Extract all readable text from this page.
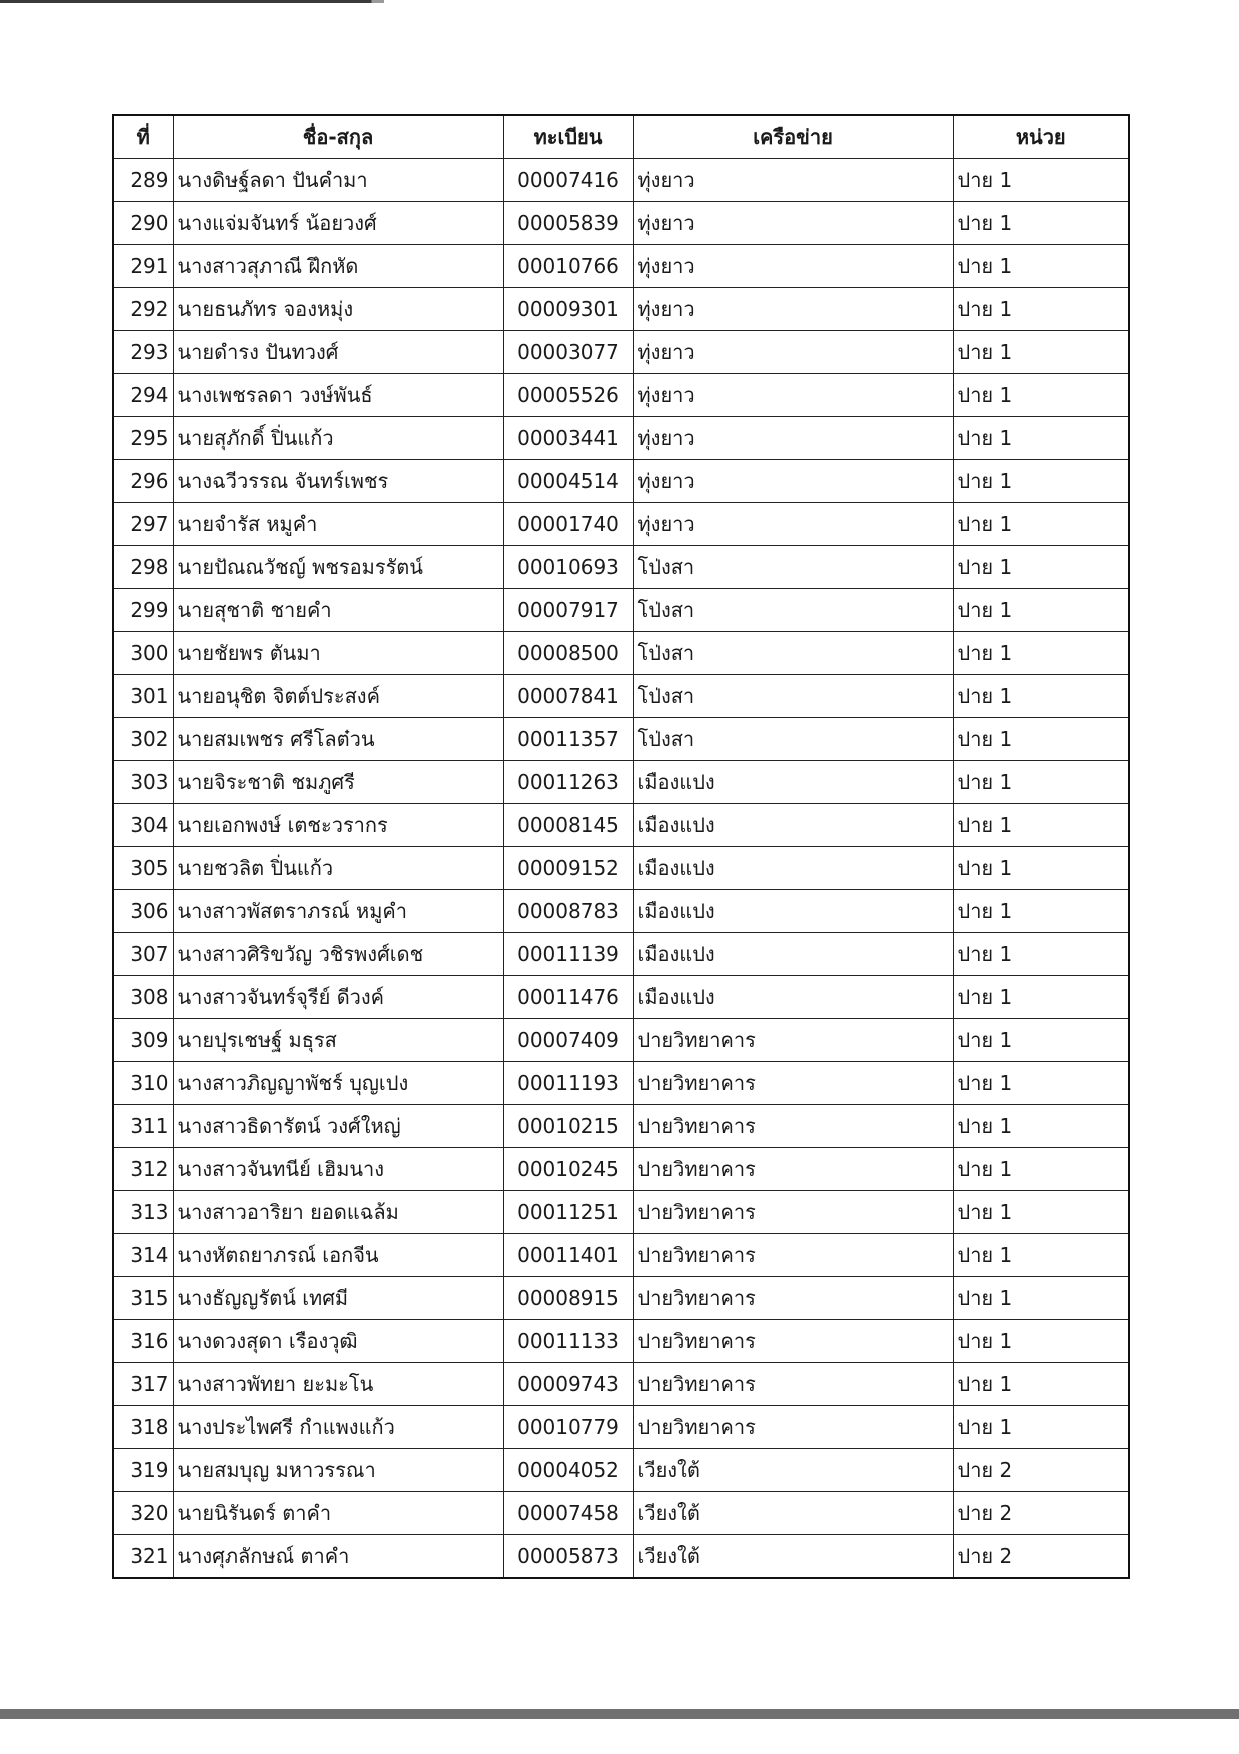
ที่	ชื่อ-สกุล	ทะเบียน	เครือข่าย	หน่วย
289	นางดิษฐ์ลดา ปันคำมา	00007416	ทุ่งยาว	ปาย 1
290	นางแจ่มจันทร์ น้อยวงศ์	00005839	ทุ่งยาว	ปาย 1
291	นางสาวสุภาณี ฝึกหัด	00010766	ทุ่งยาว	ปาย 1
292	นายธนภัทร จองหมุ่ง	00009301	ทุ่งยาว	ปาย 1
293	นายดำรง ปันทวงศ์	00003077	ทุ่งยาว	ปาย 1
294	นางเพชรลดา วงษ์พันธ์	00005526	ทุ่งยาว	ปาย 1
295	นายสุภักดิ์ ปิ่นแก้ว	00003441	ทุ่งยาว	ปาย 1
296	นางฉวีวรรณ จันทร์เพชร	00004514	ทุ่งยาว	ปาย 1
297	นายจำรัส หมูคำ	00001740	ทุ่งยาว	ปาย 1
298	นายปัณณวัชญ์ พชรอมรรัตน์	00010693	โป่งสา	ปาย 1
299	นายสุชาติ ชายคำ	00007917	โป่งสา	ปาย 1
300	นายชัยพร ตันมา	00008500	โป่งสา	ปาย 1
301	นายอนุชิต จิตต์ประสงค์	00007841	โป่งสา	ปาย 1
302	นายสมเพชร ศรีโลต๋วน	00011357	โป่งสา	ปาย 1
303	นายจิระชาติ ชมภูศรี	00011263	เมืองแปง	ปาย 1
304	นายเอกพงษ์ เตชะวรากร	00008145	เมืองแปง	ปาย 1
305	นายชวลิต ปิ่นแก้ว	00009152	เมืองแปง	ปาย 1
306	นางสาวพัสตราภรณ์ หมูคำ	00008783	เมืองแปง	ปาย 1
307	นางสาวศิริขวัญ วชิรพงศ์เดช	00011139	เมืองแปง	ปาย 1
308	นางสาวจันทร์จุรีย์ ดีวงค์	00011476	เมืองแปง	ปาย 1
309	นายปุรเชษฐ์ มธุรส	00007409	ปายวิทยาคาร	ปาย 1
310	นางสาวภิญญาพัชร์ บุญเปง	00011193	ปายวิทยาคาร	ปาย 1
311	นางสาวธิดารัตน์ วงศ์ใหญ่	00010215	ปายวิทยาคาร	ปาย 1
312	นางสาวจันทนีย์ เฮิมนาง	00010245	ปายวิทยาคาร	ปาย 1
313	นางสาวอาริยา ยอดแฉล้ม	00011251	ปายวิทยาคาร	ปาย 1
314	นางหัตถยาภรณ์ เอกจีน	00011401	ปายวิทยาคาร	ปาย 1
315	นางธัญญรัตน์ เทศมี	00008915	ปายวิทยาคาร	ปาย 1
316	นางดวงสุดา เรืองวุฒิ	00011133	ปายวิทยาคาร	ปาย 1
317	นางสาวพัทยา ยะมะโน	00009743	ปายวิทยาคาร	ปาย 1
318	นางประไพศรี กำแพงแก้ว	00010779	ปายวิทยาคาร	ปาย 1
319	นายสมบุญ มหาวรรณา	00004052	เวียงใต้	ปาย 2
320	นายนิรันดร์ ตาคำ	00007458	เวียงใต้	ปาย 2
321	นางศุภลักษณ์ ตาคำ	00005873	เวียงใต้	ปาย 2
